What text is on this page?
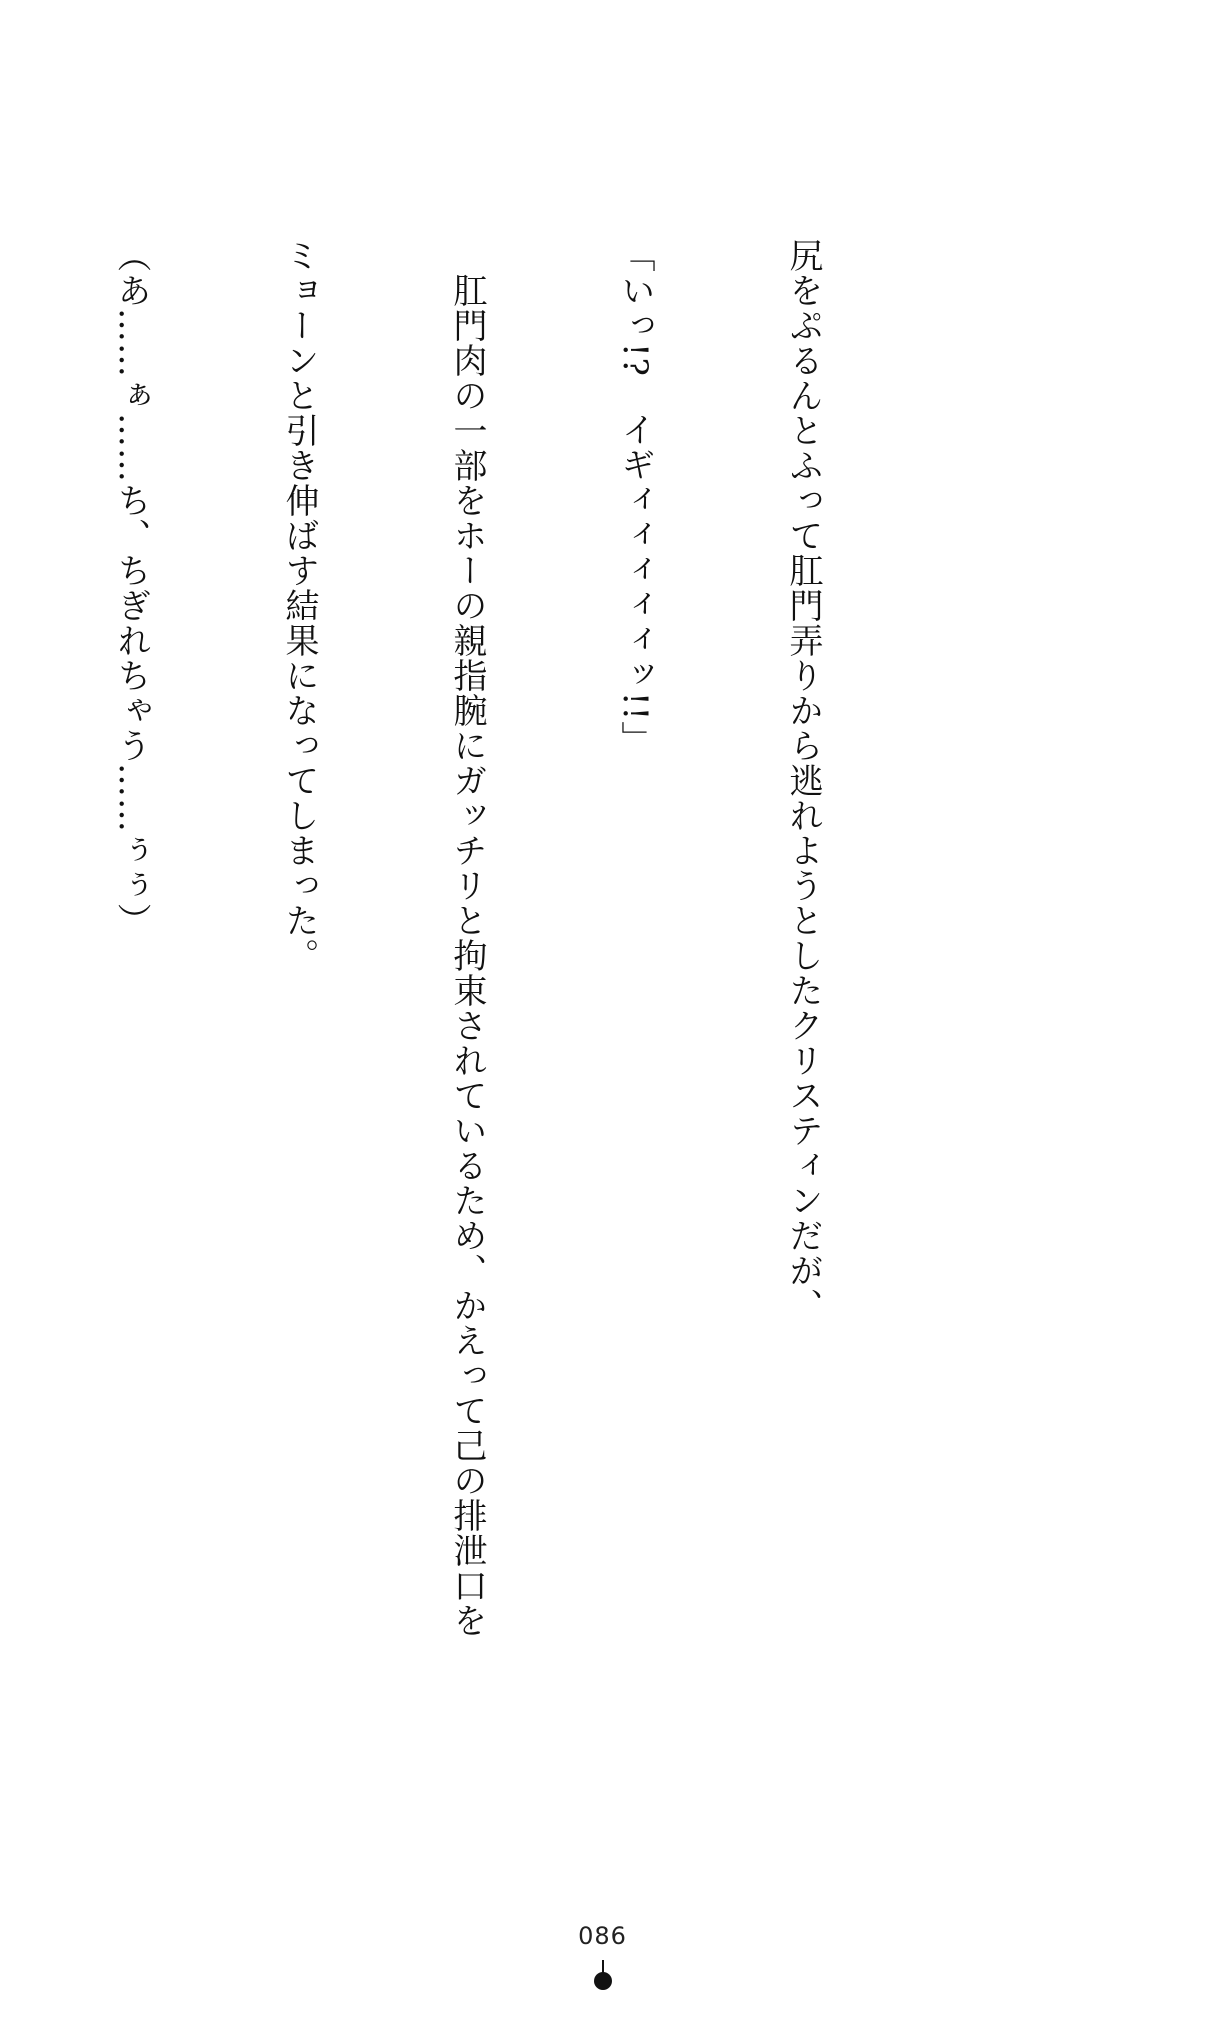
尻をぷるんとふって肛門弄りから逃れようとしたクリスティンだが、

「いっ!?　イギィィィィィッ!!」

　肛門肉の一部をホーの親指腕にガッチリと拘束されているため、かえって己の排泄口を

ミョーンと引き伸ばす結果になってしまった。

（あ……ぁ……ち、ちぎれちゃう……ぅぅ）

086
